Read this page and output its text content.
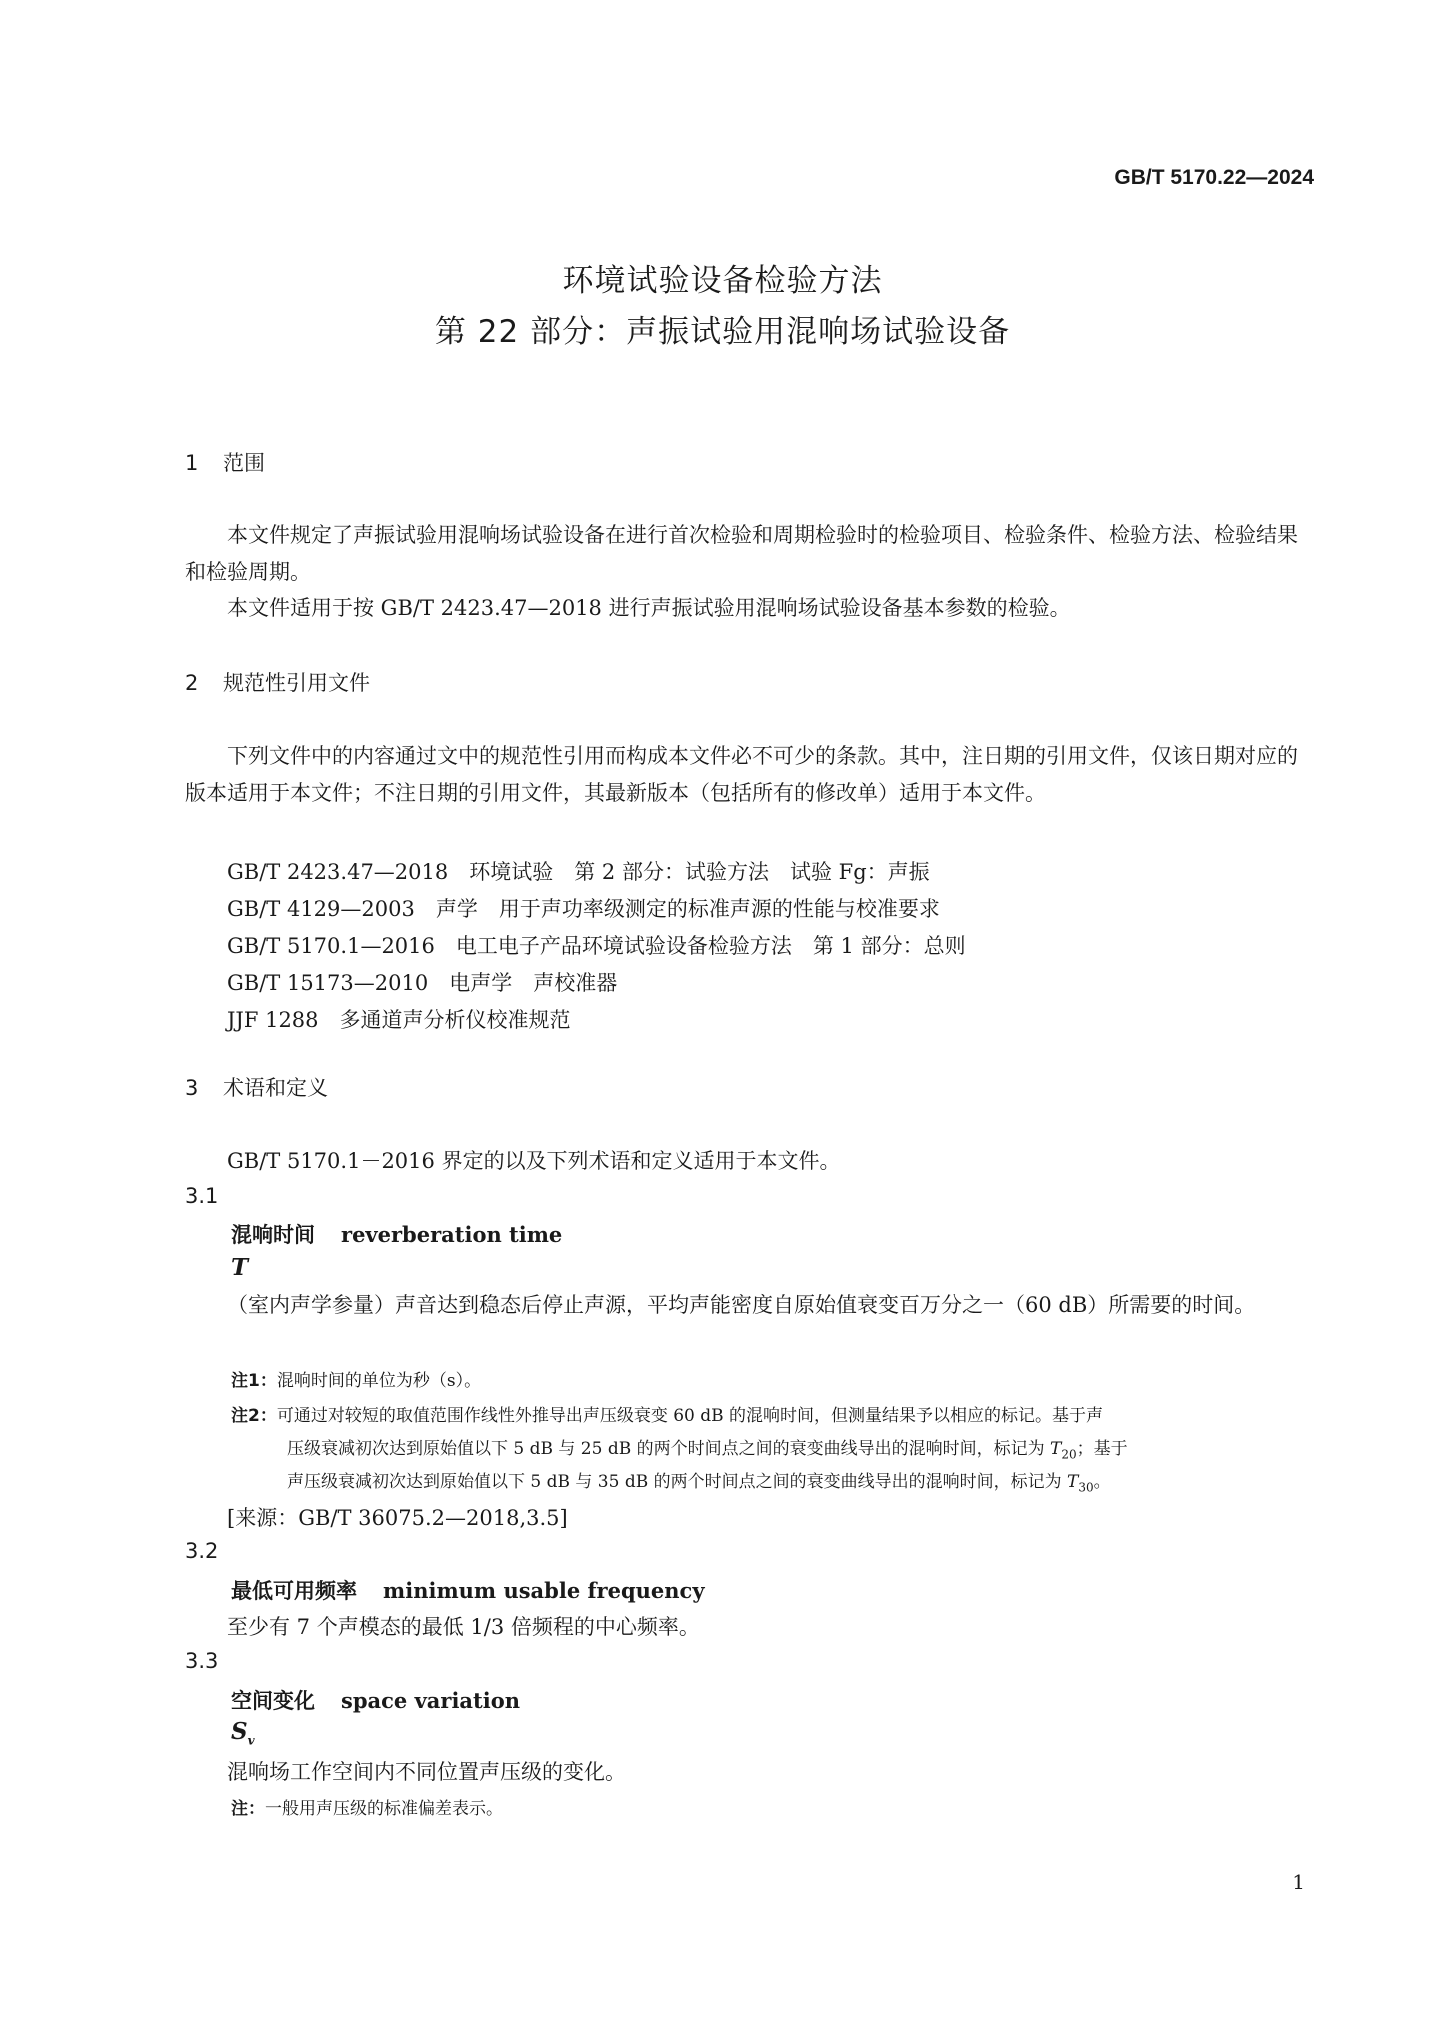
GB/T 5170.22—2024
环境试验设备检验方法
第 22 部分：声振试验用混响场试验设备
1 范围
本文件规定了声振试验用混响场试验设备在进行首次检验和周期检验时的检验项目、检验条件、检验方法、检验结果和检验周期。
本文件适用于按 GB/T 2423.47—2018 进行声振试验用混响场试验设备基本参数的检验。
2 规范性引用文件
下列文件中的内容通过文中的规范性引用而构成本文件必不可少的条款。其中，注日期的引用文件，仅该日期对应的版本适用于本文件；不注日期的引用文件，其最新版本（包括所有的修改单）适用于本文件。
GB/T 2423.47—2018　环境试验　第 2 部分：试验方法　试验 Fg：声振
GB/T 4129—2003　声学　用于声功率级测定的标准声源的性能与校准要求
GB/T 5170.1—2016　电工电子产品环境试验设备检验方法　第 1 部分：总则
GB/T 15173—2010　电声学　声校准器
JJF 1288　多通道声分析仪校准规范
3 术语和定义
GB/T 5170.1－2016 界定的以及下列术语和定义适用于本文件。
3.1
混响时间 reverberation time
T
（室内声学参量）声音达到稳态后停止声源，平均声能密度自原始值衰变百万分之一（60 dB）所需要的时间。
注1：混响时间的单位为秒（s）。
注2：可通过对较短的取值范围作线性外推导出声压级衰变 60 dB 的混响时间，但测量结果予以相应的标记。基于声
压级衰减初次达到原始值以下 5 dB 与 25 dB 的两个时间点之间的衰变曲线导出的混响时间，标记为 $T_{20}$；基于
声压级衰减初次达到原始值以下 5 dB 与 35 dB 的两个时间点之间的衰变曲线导出的混响时间，标记为 $T_{30}$。
[来源：GB/T 36075.2—2018,3.5]
3.2
最低可用频率 minimum usable frequency
至少有 7 个声模态的最低 1/3 倍频程的中心频率。
3.3
空间变化 space variation
$S_v$
混响场工作空间内不同位置声压级的变化。
注：一般用声压级的标准偏差表示。
1
